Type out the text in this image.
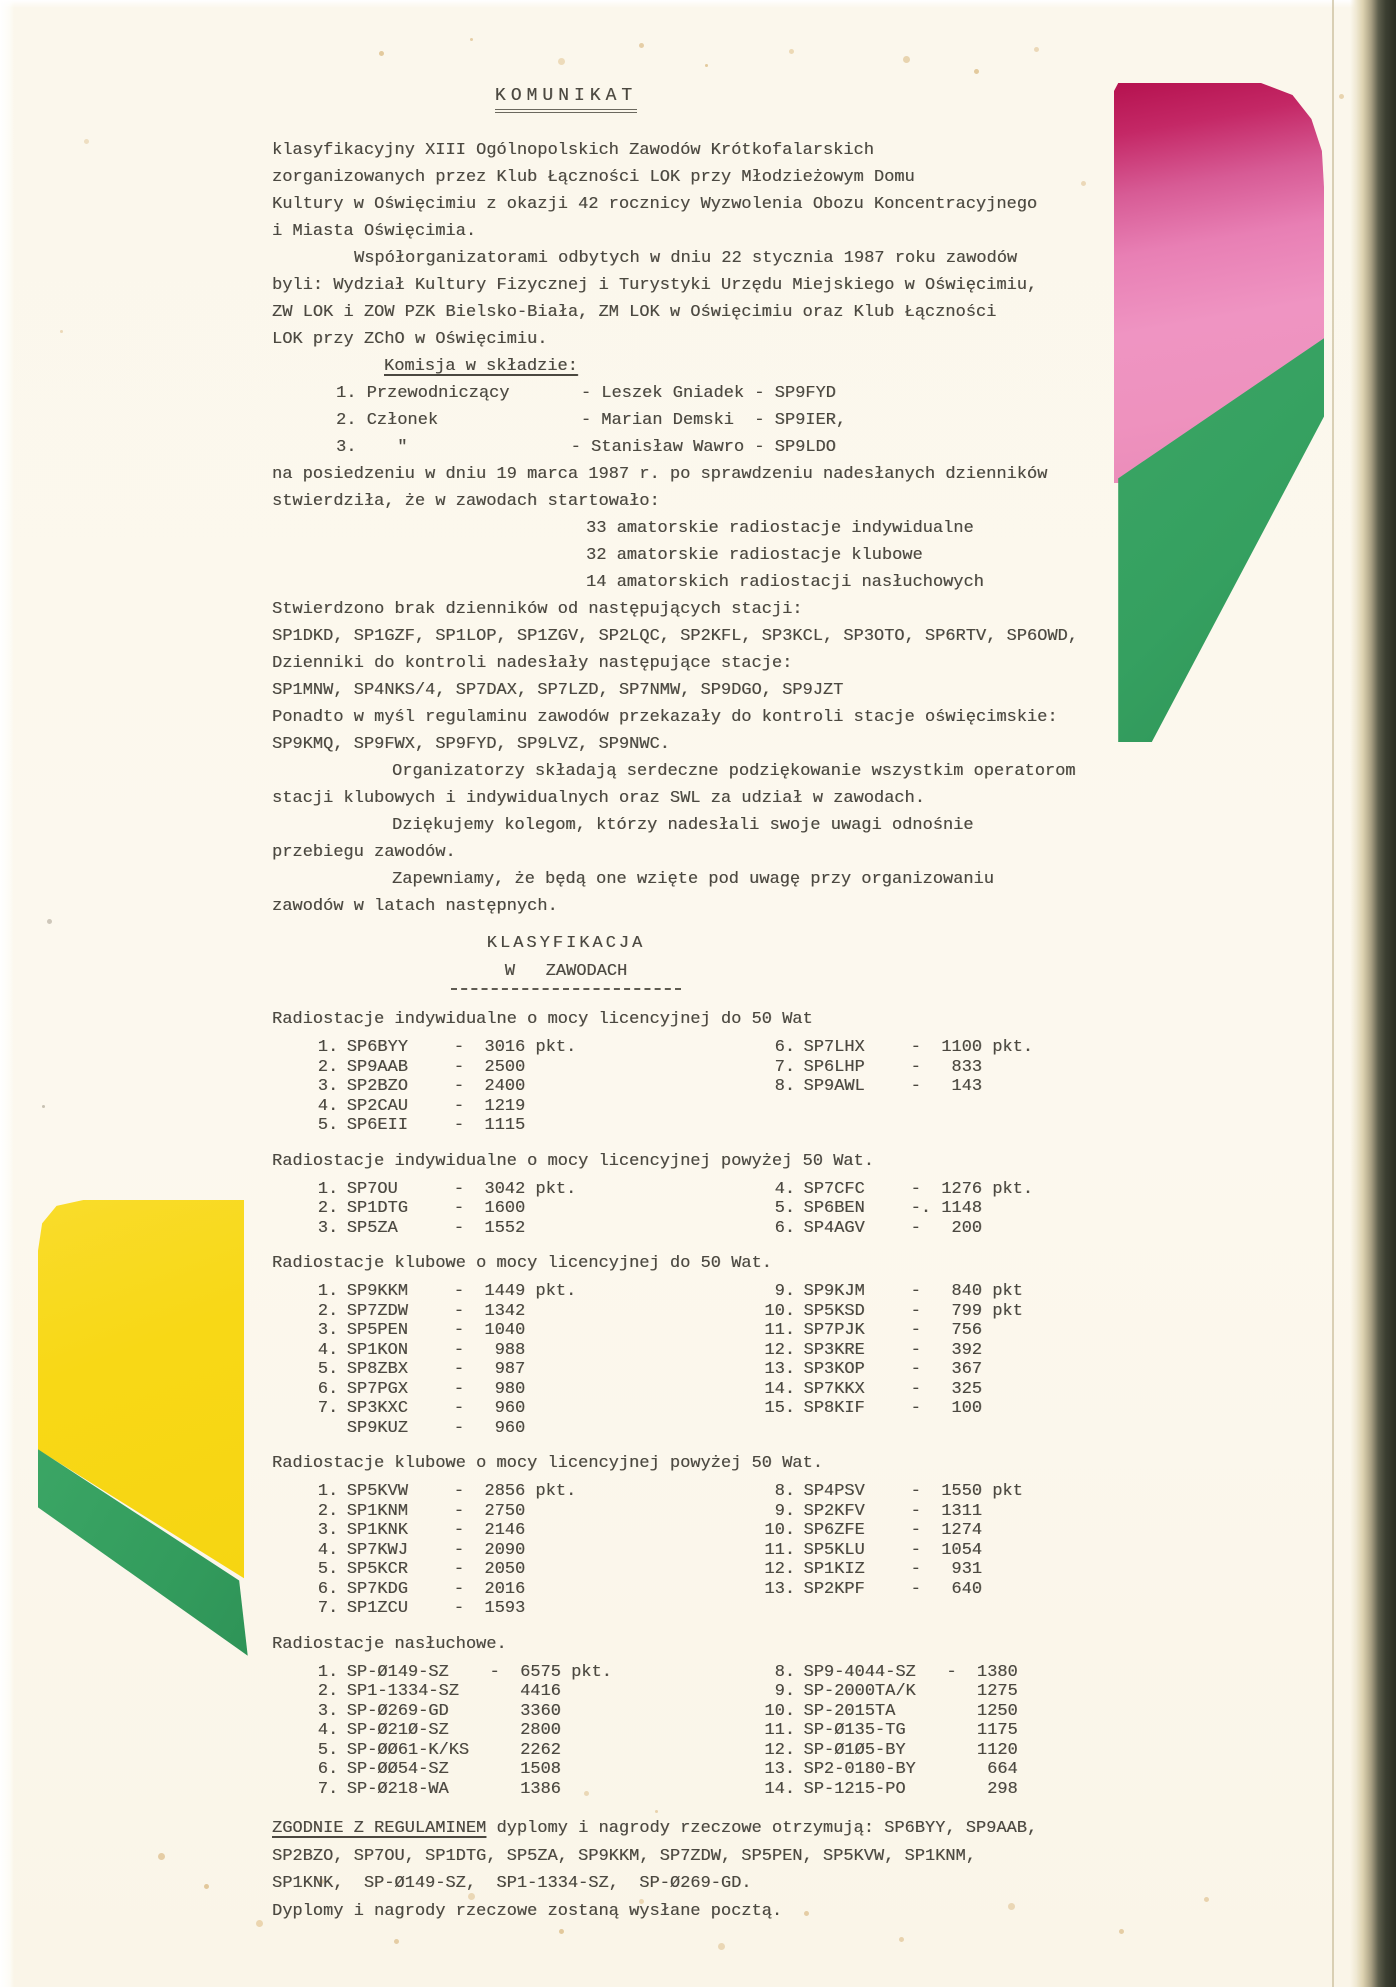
KOMUNIKAT
klasyfikacyjny XIII Ogólnopolskich Zawodów Krótkofalarskich
zorganizowanych przez Klub Łączności LOK przy Młodzieżowym Domu
Kultury w Oświęcimiu z okazji 42 rocznicy Wyzwolenia Obozu Koncentracyjnego
i Miasta Oświęcimia.
Współorganizatorami odbytych w dniu 22 stycznia 1987 roku zawodów
byli: Wydział Kultury Fizycznej i Turystyki Urzędu Miejskiego w Oświęcimiu,
ZW LOK i ZOW PZK Bielsko-Biała, ZM LOK w Oświęcimiu oraz Klub Łączności
LOK przy ZChO w Oświęcimiu.
Komisja w składzie:
1. Przewodniczący       - Leszek Gniadek - SP9FYD
2. Członek              - Marian Demski  - SP9IER,
3.    "                - Stanisław Wawro - SP9LDO
na posiedzeniu w dniu 19 marca 1987 r. po sprawdzeniu nadesłanych dzienników
stwierdziła, że w zawodach startowało:
33 amatorskie radiostacje indywidualne
32 amatorskie radiostacje klubowe
14 amatorskich radiostacji nasłuchowych
Stwierdzono brak dzienników od następujących stacji:
SP1DKD, SP1GZF, SP1LOP, SP1ZGV, SP2LQC, SP2KFL, SP3KCL, SP3OTO, SP6RTV, SP6OWD,
Dzienniki do kontroli nadesłały następujące stacje:
SP1MNW, SP4NKS/4, SP7DAX, SP7LZD, SP7NMW, SP9DGO, SP9JZT
Ponadto w myśl regulaminu zawodów przekazały do kontroli stacje oświęcimskie:
SP9KMQ, SP9FWX, SP9FYD, SP9LVZ, SP9NWC.
Organizatorzy składają serdeczne podziękowanie wszystkim operatorom
stacji klubowych i indywidualnych oraz SWL za udział w zawodach.
Dziękujemy kolegom, którzy nadesłali swoje uwagi odnośnie
przebiegu zawodów.
Zapewniamy, że będą one wzięte pod uwagę przy organizowaniu
zawodów w latach następnych.
KLASYFIKACJA
W   ZAWODACH
Radiostacje indywidualne o mocy licencyjnej do 50 Wat
1. SP6BYY	-	3016 pkt.
2. SP9AAB	-	2500
3. SP2BZO	-	2400
4. SP2CAU	-	1219
5. SP6EII	-	1115
6. SP7LHX	-	1100 pkt.
7. SP6LHP	-	833
8. SP9AWL	-	143
Radiostacje indywidualne o mocy licencyjnej powyżej 50 Wat.
1. SP7OU	-	3042 pkt.
2. SP1DTG	-	1600
3. SP5ZA	-	1552
4. SP7CFC	-	1276 pkt.
5. SP6BEN	-. 1148
6. SP4AGV	-	200
Radiostacje klubowe o mocy licencyjnej do 50 Wat.
1. SP9KKM	-	1449 pkt.
2. SP7ZDW	-	1342
3. SP5PEN	-	1040
4. SP1KON	-	988
5. SP8ZBX	-	987
6. SP7PGX	-	980
7. SP3KXC	-	960
SP9KUZ	-	960
9. SP9KJM	-	840 pkt
10. SP5KSD	-	799 pkt
11. SP7PJK	-	756
12. SP3KRE	-	392
13. SP3KOP	-	367
14. SP7KKX	-	325
15. SP8KIF	-	100
Radiostacje klubowe o mocy licencyjnej powyżej 50 Wat.
1. SP5KVW	-	2856 pkt.
2. SP1KNM	-	2750
3. SP1KNK	-	2146
4. SP7KWJ	-	2090
5. SP5KCR	-	2050
6. SP7KDG	-	2016
7. SP1ZCU	-	1593
8. SP4PSV	-	1550 pkt
9. SP2KFV	-	1311
10. SP6ZFE	-	1274
11. SP5KLU	-	1054
12. SP1KIZ	-	931
13. SP2KPF	-	640
Radiostacje nasłuchowe.
1. SP-Ø149-SZ	-	6575 pkt.
2. SP1-1334-SZ	4416
3. SP-Ø269-GD	3360
4. SP-Ø21Ø-SZ	2800
5. SP-ØØ61-K/KS	2262
6. SP-ØØ54-SZ	1508
7. SP-Ø218-WA	1386
8. SP9-4044-SZ	-	1380
9. SP-2000TA/K	1275
10. SP-2015TA	1250
11. SP-Ø135-TG	1175
12. SP-Ø1Ø5-BY	1120
13. SP2-0180-BY	664
14. SP-1215-PO	298

ZGODNIE Z REGULAMINEM dyplomy i nagrody rzeczowe otrzymują: SP6BYY, SP9AAB,

SP2BZO, SP7OU, SP1DTG, SP5ZA, SP9KKM, SP7ZDW, SP5PEN, SP5KVW, SP1KNM,

SP1KNK,  SP-Ø149-SZ,  SP1-1334-SZ,  SP-Ø269-GD.

Dyplomy i nagrody rzeczowe zostaną wysłane pocztą.
